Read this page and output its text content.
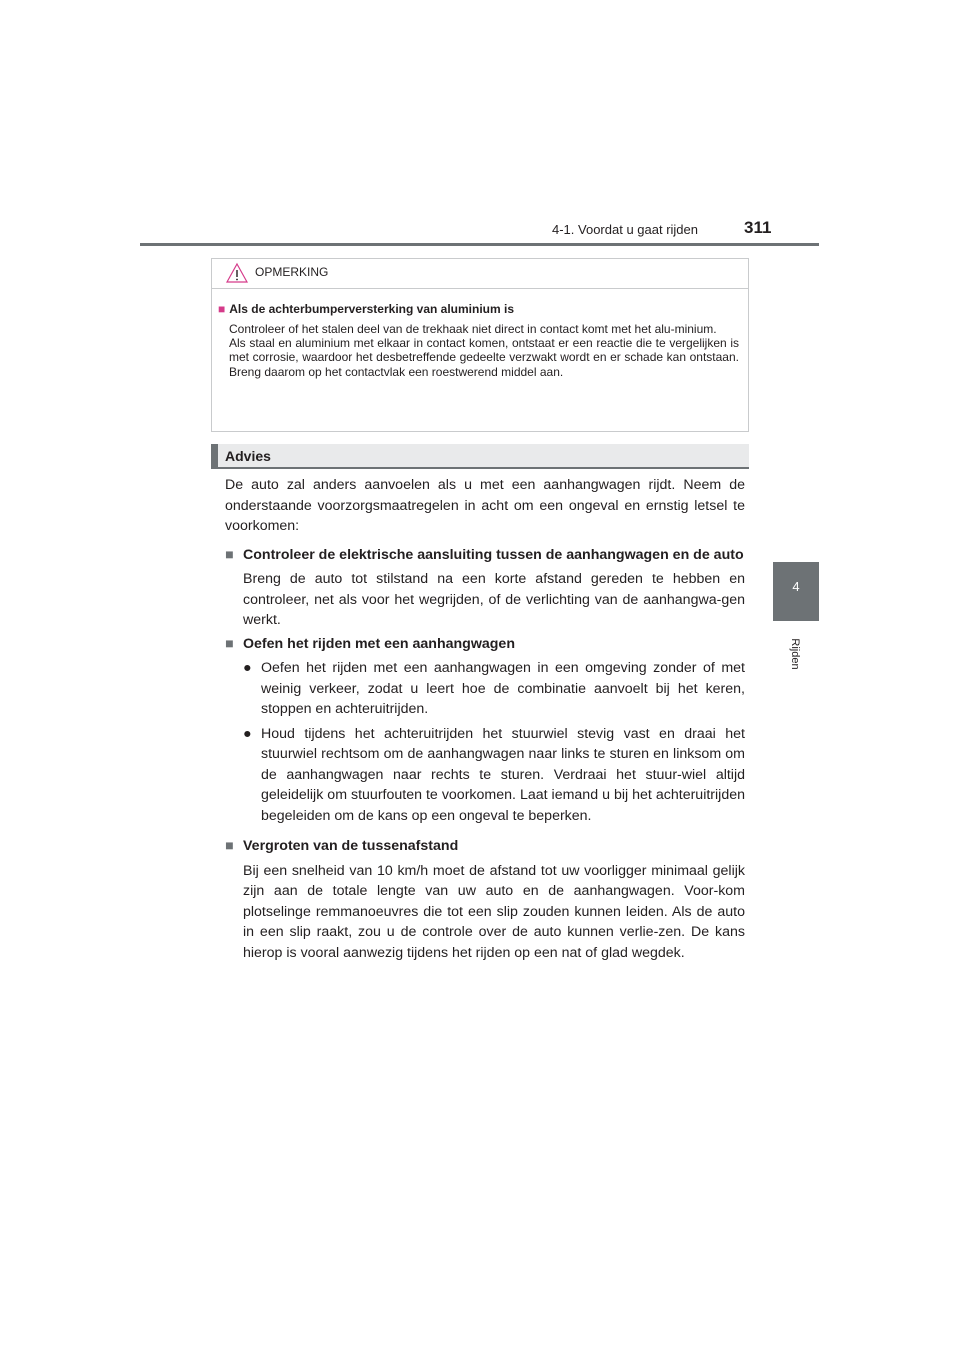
4-1. Voordat u gaat rijden	311
4
Rijden
OPMERKING
■ Als de achterbumperversterking van aluminium is

Controleer of het stalen deel van de trekhaak niet direct in contact komt met het alu-minium.

Als staal en aluminium met elkaar in contact komen, ontstaat er een reactie die te vergelijken is met corrosie, waardoor het desbetreffende gedeelte verzwakt wordt en er schade kan ontstaan. Breng daarom op het contactvlak een roestwerend middel aan.

Advies

De auto zal anders aanvoelen als u met een aanhangwagen rijdt. Neem de onderstaande voorzorgsmaatregelen in acht om een ongeval en ernstig letsel te voorkomen:

■ Controleer de elektrische aansluiting tussen de aanhangwagen en de auto

Breng de auto tot stilstand na een korte afstand gereden te hebben en controleer, net als voor het wegrijden, of de verlichting van de aanhangwa-gen werkt.

■ Oefen het rijden met een aanhangwagen
● Oefen het rijden met een aanhangwagen in een omgeving zonder of met weinig verkeer, zodat u leert hoe de combinatie aanvoelt bij het keren, stoppen en achteruitrijden.

● Houd tijdens het achteruitrijden het stuurwiel stevig vast en draai het stuurwiel rechtsom om de aanhangwagen naar links te sturen en linksom om de aanhangwagen naar rechts te sturen. Verdraai het stuur-wiel altijd geleidelijk om stuurfouten te voorkomen. Laat iemand u bij het achteruitrijden begeleiden om de kans op een ongeval te beperken.

■ Vergroten van de tussenafstand

Bij een snelheid van 10 km/h moet de afstand tot uw voorligger minimaal gelijk zijn aan de totale lengte van uw auto en de aanhangwagen. Voor-kom plotselinge remmanoeuvres die tot een slip zouden kunnen leiden. Als de auto in een slip raakt, zou u de controle over de auto kunnen verlie-zen. De kans hierop is vooral aanwezig tijdens het rijden op een nat of glad wegdek.
